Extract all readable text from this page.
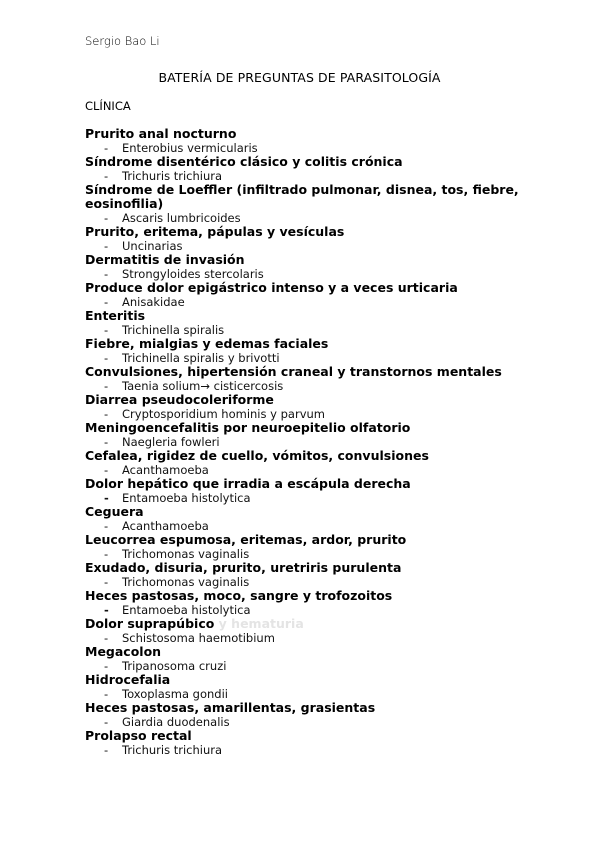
Sergio Bao Li
BATERÍA DE PREGUNTAS DE PARASITOLOGÍA
CLÍNICA
Prurito anal nocturno
- Enterobius vermicularis
Síndrome disentérico clásico y colitis crónica
- Trichuris trichiura
Síndrome de Loeffler (infiltrado pulmonar, disnea, tos, fiebre, eosinofilia)
- Ascaris lumbricoides
Prurito, eritema, pápulas y vesículas
- Uncinarias
Dermatitis de invasión
- Strongyloides stercolaris
Produce dolor epigástrico intenso y a veces urticaria
- Anisakidae
Enteritis
- Trichinella spiralis
Fiebre, mialgias y edemas faciales
- Trichinella spiralis y brivotti
Convulsiones, hipertensión craneal y transtornos mentales
- Taenia solium→ cisticercosis
Diarrea pseudocoleriforme
- Cryptosporidium hominis y parvum
Meningoencefalitis por neuroepitelio olfatorio
- Naegleria fowleri
Cefalea, rigidez de cuello, vómitos, convulsiones
- Acanthamoeba
Dolor hepático que irradia a escápula derecha
- Entamoeba histolytica
Ceguera
- Acanthamoeba
Leucorrea espumosa, eritemas, ardor, prurito
- Trichomonas vaginalis
Exudado, disuria, prurito, uretriris purulenta
- Trichomonas vaginalis
Heces pastosas, moco, sangre y trofozoitos
- Entamoeba histolytica
Dolor suprapúbico y hematuria
- Schistosoma haemotibium
Megacolon
- Tripanosoma cruzi
Hidrocefalia
- Toxoplasma gondii
Heces pastosas, amarillentas, grasientas
- Giardia duodenalis
Prolapso rectal
- Trichuris trichiura
